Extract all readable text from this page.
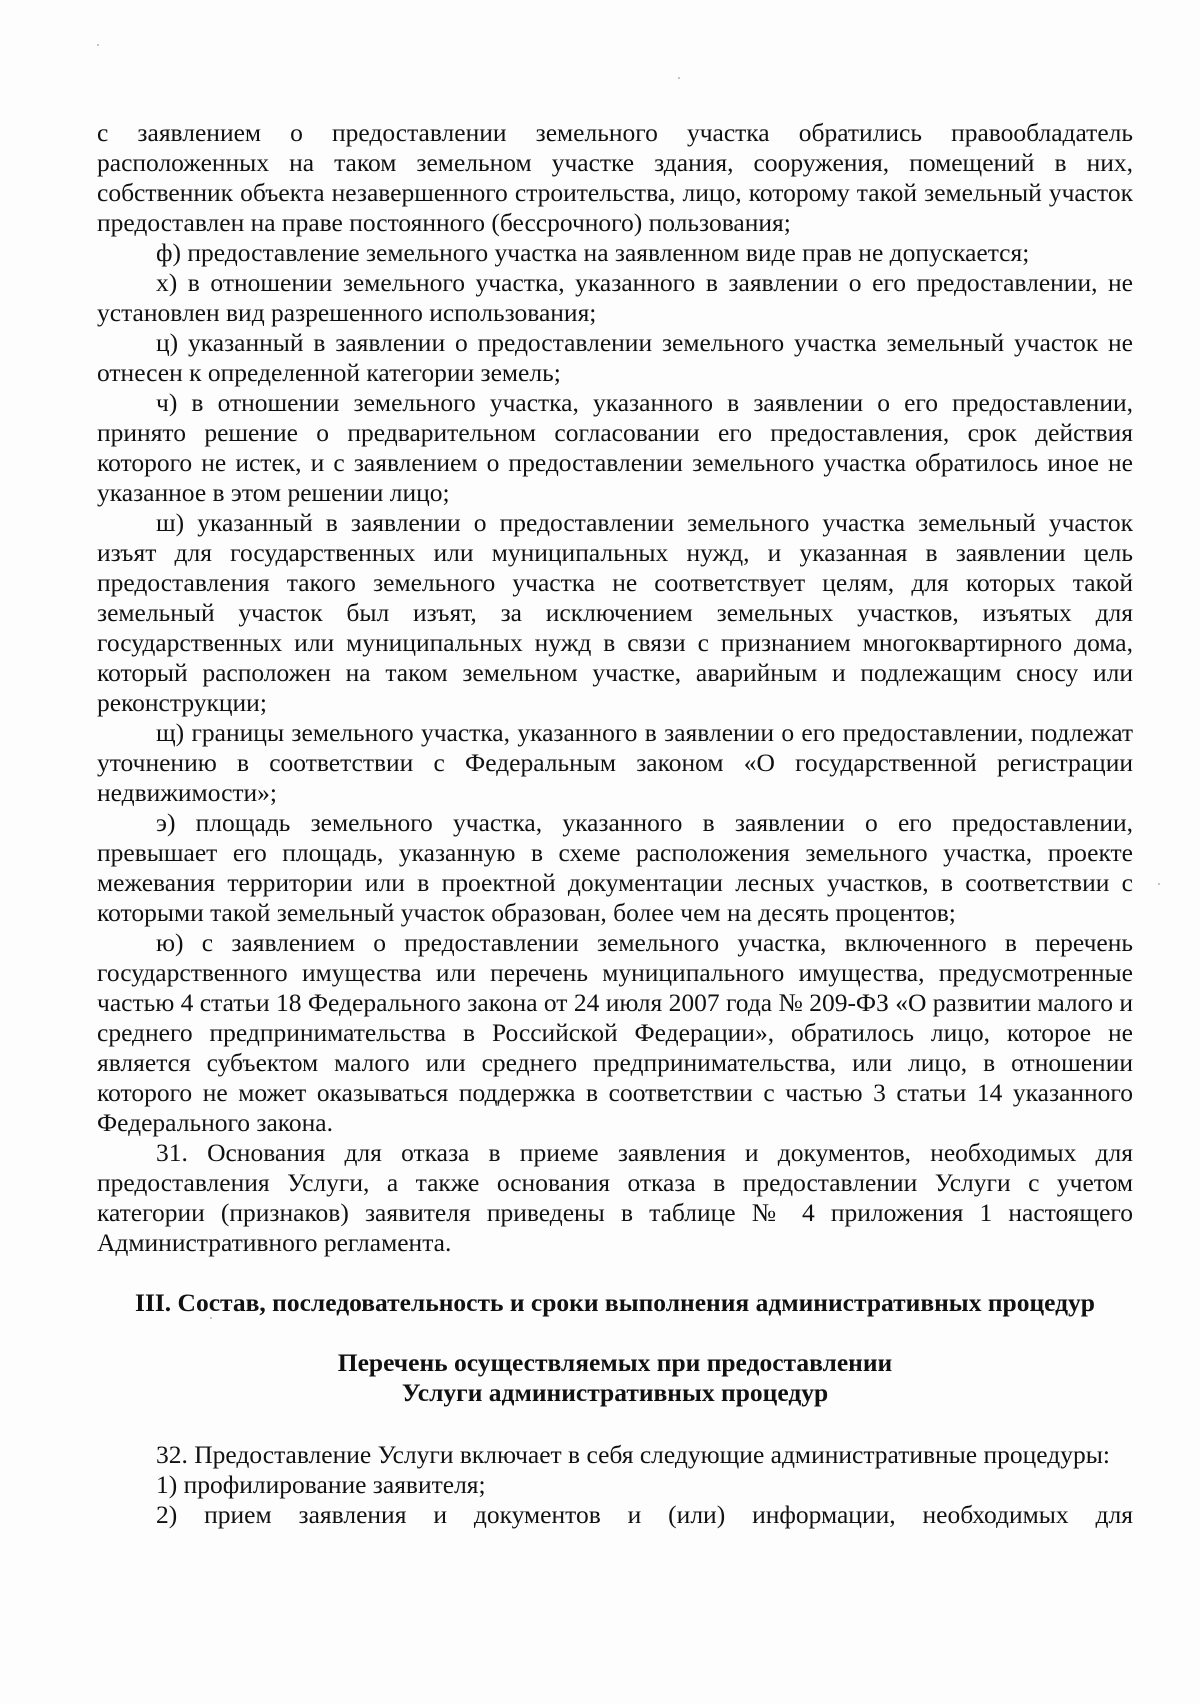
с заявлением о предоставлении земельного участка обратились правообладатель расположенных на таком земельном участке здания, сооружения, помещений в них, собственник объекта незавершенного строительства, лицо, которому такой земельный участок предоставлен на праве постоянного (бессрочного) пользования;

ф) предоставление земельного участка на заявленном виде прав не допускается;

х) в отношении земельного участка, указанного в заявлении о его предоставлении, не установлен вид разрешенного использования;

ц) указанный в заявлении о предоставлении земельного участка земельный участок не отнесен к определенной категории земель;

ч) в отношении земельного участка, указанного в заявлении о его предоставлении, принято решение о предварительном согласовании его предоставления, срок действия которого не истек, и с заявлением о предоставлении земельного участка обратилось иное не указанное в этом решении лицо;

ш) указанный в заявлении о предоставлении земельного участка земельный участок изъят для государственных или муниципальных нужд, и указанная в заявлении цель предоставления такого земельного участка не соответствует целям, для которых такой земельный участок был изъят, за исключением земельных участков, изъятых для государственных или муниципальных нужд в связи с признанием многоквартирного дома, который расположен на таком земельном участке, аварийным и подлежащим сносу или реконструкции;

щ) границы земельного участка, указанного в заявлении о его предоставлении, подлежат уточнению в соответствии с Федеральным законом «О государственной регистрации недвижимости»;

э) площадь земельного участка, указанного в заявлении о его предоставлении, превышает его площадь, указанную в схеме расположения земельного участка, проекте межевания территории или в проектной документации лесных участков, в соответствии с которыми такой земельный участок образован, более чем на десять процентов;

ю) с заявлением о предоставлении земельного участка, включенного в перечень государственного имущества или перечень муниципального имущества, предусмотренные частью 4 статьи 18 Федерального закона от 24 июля 2007 года № 209-ФЗ «О развитии малого и среднего предпринимательства в Российской Федерации», обратилось лицо, которое не является субъектом малого или среднего предпринимательства, или лицо, в отношении которого не может оказываться поддержка в соответствии с частью 3 статьи 14 указанного Федерального закона.

31. Основания для отказа в приеме заявления и документов, необходимых для предоставления Услуги, а также основания отказа в предоставлении Услуги с учетом категории (признаков) заявителя приведены в таблице № 4 приложения 1 настоящего Административного регламента.

III. Состав, последовательность и сроки выполнения административных процедур

Перечень осуществляемых при предоставлении

Услуги административных процедур

32. Предоставление Услуги включает в себя следующие административные процедуры:

1) профилирование заявителя;

2) прием заявления и документов и (или) информации, необходимых для
